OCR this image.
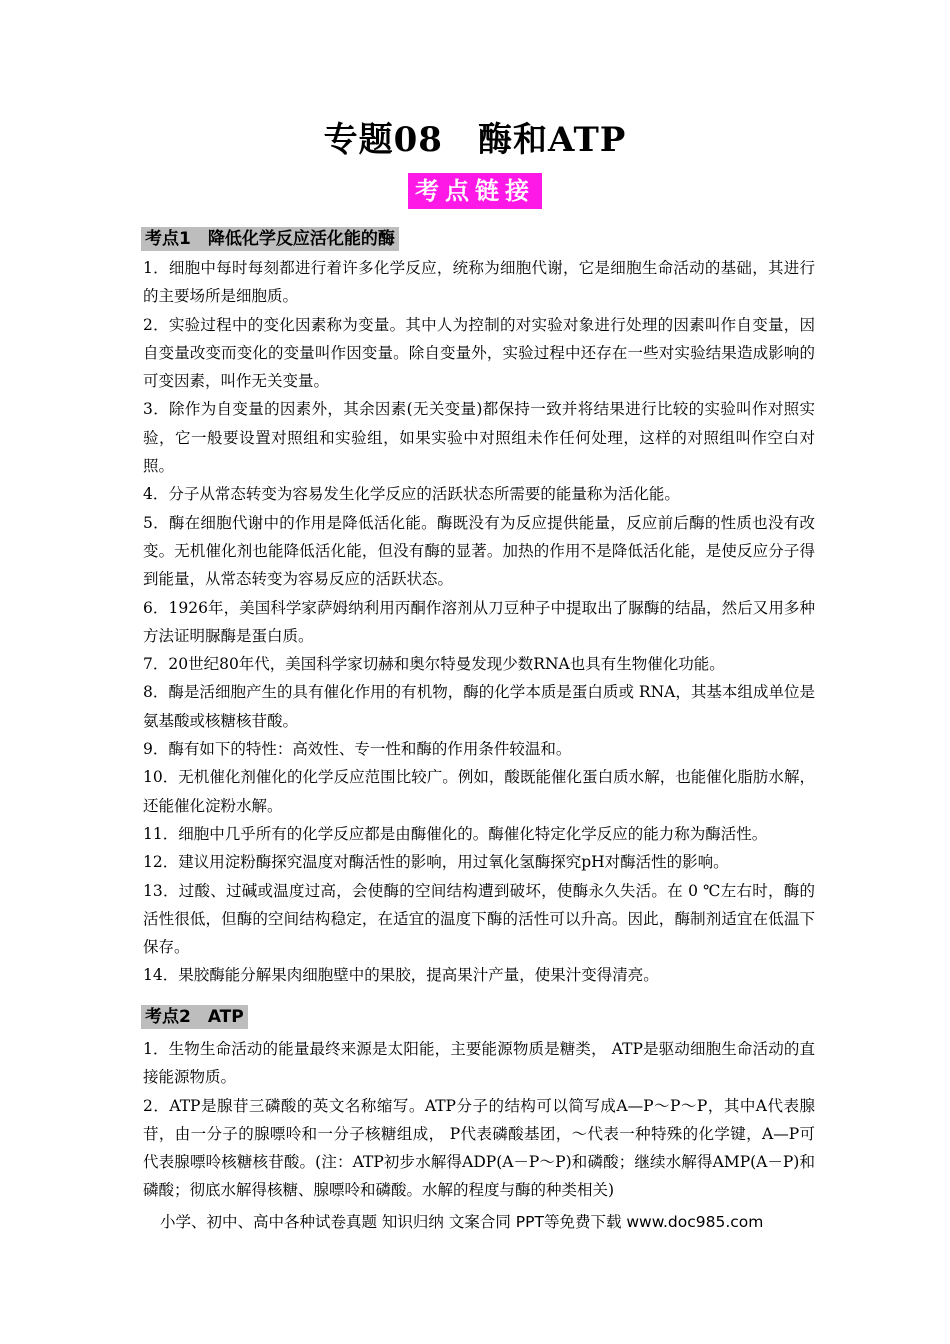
专题08　酶和ATP
考点链接
考点1　降低化学反应活化能的酶

1．细胞中每时每刻都进行着许多化学反应，统称为细胞代谢，它是细胞生命活动的基础，其进行的主要场所是细胞质。

2．实验过程中的变化因素称为变量。其中人为控制的对实验对象进行处理的因素叫作自变量，因自变量改变而变化的变量叫作因变量。除自变量外，实验过程中还存在一些对实验结果造成影响的可变因素，叫作无关变量。

3．除作为自变量的因素外，其余因素(无关变量)都保持一致并将结果进行比较的实验叫作对照实验，它一般要设置对照组和实验组，如果实验中对照组未作任何处理，这样的对照组叫作空白对照。

4．分子从常态转变为容易发生化学反应的活跃状态所需要的能量称为活化能。

5．酶在细胞代谢中的作用是降低活化能。酶既没有为反应提供能量，反应前后酶的性质也没有改变。无机催化剂也能降低活化能，但没有酶的显著。加热的作用不是降低活化能，是使反应分子得到能量，从常态转变为容易反应的活跃状态。

6．1926年，美国科学家萨姆纳利用丙酮作溶剂从刀豆种子中提取出了脲酶的结晶，然后又用多种方法证明脲酶是蛋白质。

7．20世纪80年代，美国科学家切赫和奥尔特曼发现少数RNA也具有生物催化功能。

8．酶是活细胞产生的具有催化作用的有机物，酶的化学本质是蛋白质或 RNA，其基本组成单位是氨基酸或核糖核苷酸。

9．酶有如下的特性：高效性、专一性和酶的作用条件较温和。

10．无机催化剂催化的化学反应范围比较广。例如，酸既能催化蛋白质水解，也能催化脂肪水解，还能催化淀粉水解。

11．细胞中几乎所有的化学反应都是由酶催化的。酶催化特定化学反应的能力称为酶活性。

12．建议用淀粉酶探究温度对酶活性的影响，用过氧化氢酶探究pH对酶活性的影响。

13．过酸、过碱或温度过高，会使酶的空间结构遭到破坏，使酶永久失活。在 0 ℃左右时，酶的活性很低，但酶的空间结构稳定，在适宜的温度下酶的活性可以升高。因此，酶制剂适宜在低温下保存。

14．果胶酶能分解果肉细胞壁中的果胶，提高果汁产量，使果汁变得清亮。

考点2　ATP

1．生物生命活动的能量最终来源是太阳能，主要能源物质是糖类， ATP是驱动细胞生命活动的直接能源物质。

2．ATP是腺苷三磷酸的英文名称缩写。ATP分子的结构可以简写成A—P～P～P，其中A代表腺苷，由一分子的腺嘌呤和一分子核糖组成， P代表磷酸基团，～代表一种特殊的化学键，A—P可代表腺嘌呤核糖核苷酸。(注：ATP初步水解得ADP(A－P～P)和磷酸；继续水解得AMP(A－P)和磷酸；彻底水解得核糖、腺嘌呤和磷酸。水解的程度与酶的种类相关)

小学、初中、高中各种试卷真题 知识归纳 文案合同 PPT等免费下载 www.doc985.com
